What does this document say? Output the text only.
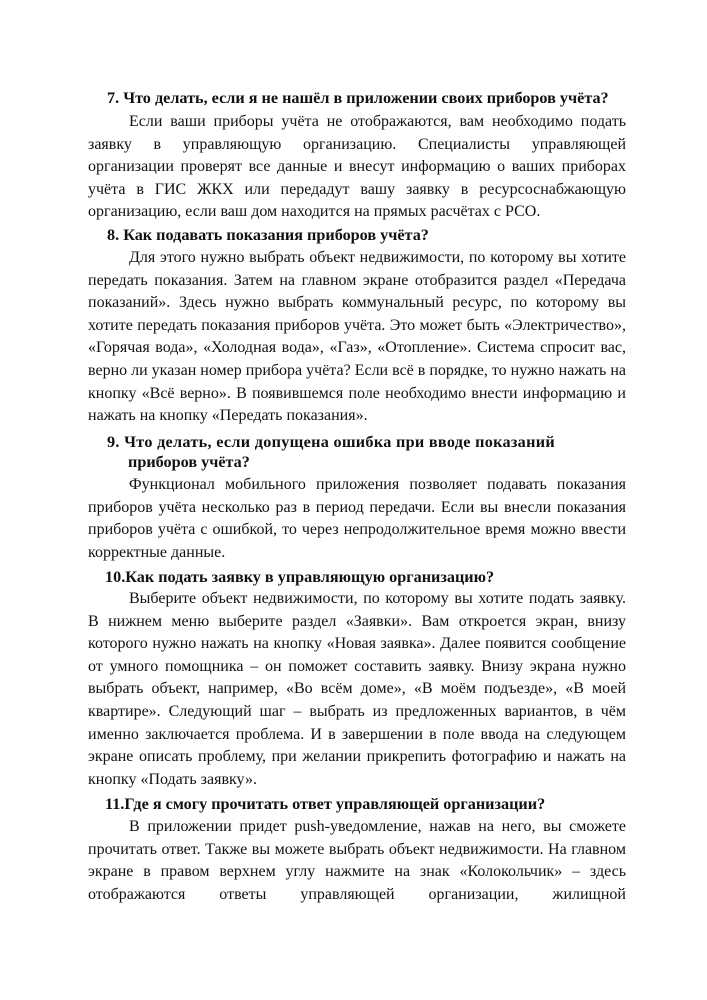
7. Что делать, если я не нашёл в приложении своих приборов учёта?

Если ваши приборы учёта не отображаются, вам необходимо подать заявку в управляющую организацию. Специалисты управляющей организации проверят все данные и внесут информацию о ваших приборах учёта в ГИС ЖКХ или передадут вашу заявку в ресурсоснабжающую организацию, если ваш дом находится на прямых расчётах с РСО.

8. Как подавать показания приборов учёта?

Для этого нужно выбрать объект недвижимости, по которому вы хотите передать показания. Затем на главном экране отобразится раздел «Передача показаний». Здесь нужно выбрать коммунальный ресурс, по которому вы хотите передать показания приборов учёта. Это может быть «Электричество», «Горячая вода», «Холодная вода», «Газ», «Отопление». Система спросит вас, верно ли указан номер прибора учёта? Если всё в порядке, то нужно нажать на кнопку «Всё верно». В появившемся поле необходимо внести информацию и нажать на кнопку «Передать показания».

9. Что делать, если допущена ошибка при вводе показаний
приборов учёта?

Функционал мобильного приложения позволяет подавать показания приборов учёта несколько раз в период передачи. Если вы внесли показания приборов учёта с ошибкой, то через непродолжительное время можно ввести корректные данные.

10.Как подать заявку в управляющую организацию?

Выберите объект недвижимости, по которому вы хотите подать заявку. В нижнем меню выберите раздел «Заявки». Вам откроется экран, внизу которого нужно нажать на кнопку «Новая заявка». Далее появится сообщение от умного помощника – он поможет составить заявку. Внизу экрана нужно выбрать объект, например, «Во всём доме», «В моём подъезде», «В моей квартире». Следующий шаг – выбрать из предложенных вариантов, в чём именно заключается проблема. И в завершении в поле ввода на следующем экране описать проблему, при желании прикрепить фотографию и нажать на кнопку «Подать заявку».

11.Где я смогу прочитать ответ управляющей организации?

В приложении придет push-уведомление, нажав на него, вы сможете прочитать ответ. Также вы можете выбрать объект недвижимости. На главном экране в правом верхнем углу нажмите на знак «Колокольчик» – здесь отображаются ответы управляющей организации, жилищной
